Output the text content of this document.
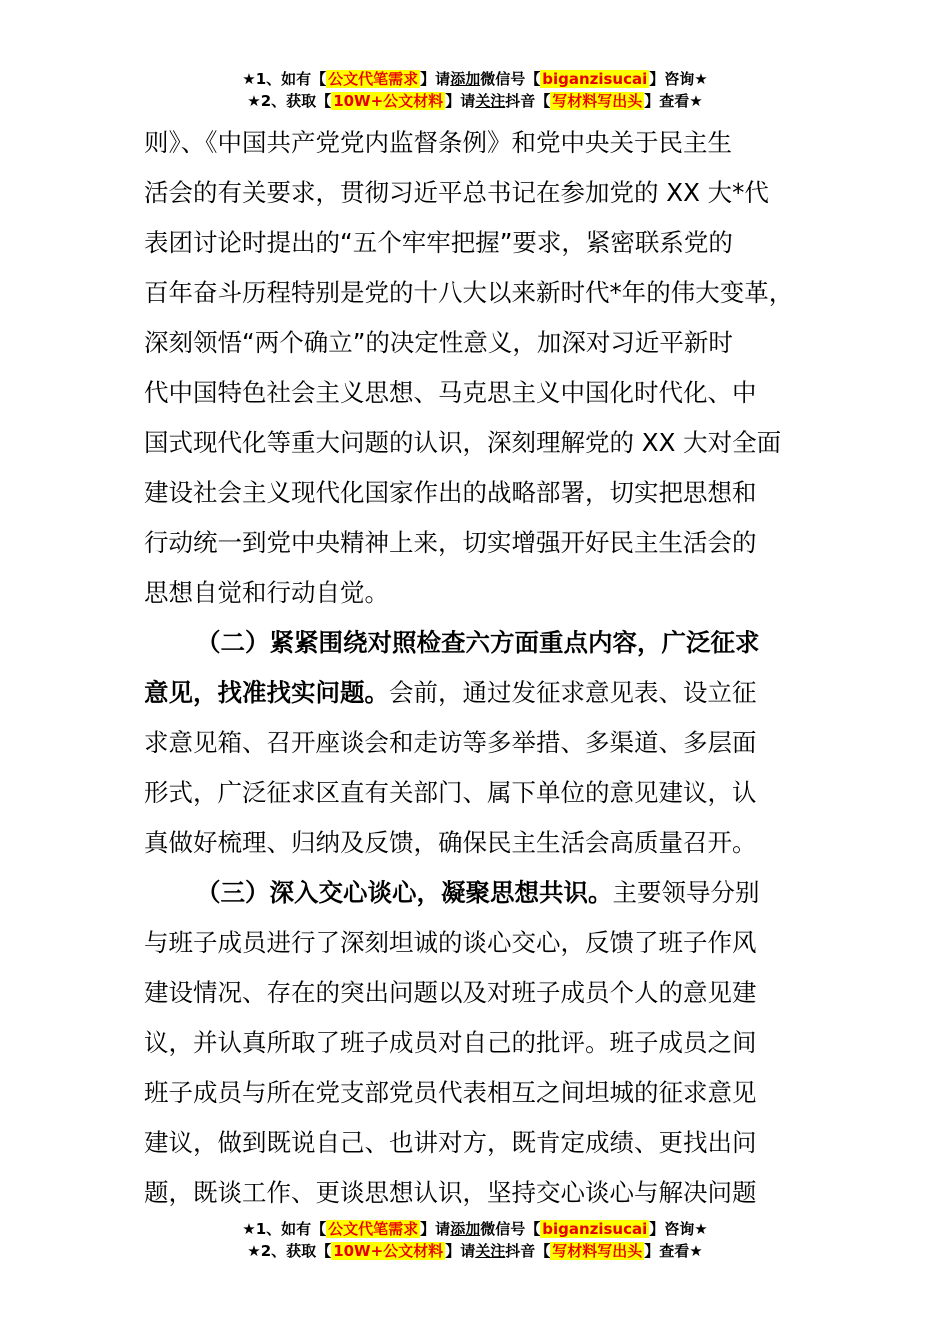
★1、如有【 公文代笔需求 】请添加微信号【 biganzisucai 】咨询★
★2、获取【 10W+公文材料 】请关注抖音【 写材料写出头 】查看★
则》、《中国共产党党内监督条例》和党中央关于民主生
活会的有关要求，贯彻习近平总书记在参加党的 XX 大*代
表团讨论时提出的“五个牢牢把握”要求，紧密联系党的
百年奋斗历程特别是党的十八大以来新时代*年的伟大变革，
深刻领悟“两个确立”的决定性意义，加深对习近平新时
代中国特色社会主义思想、马克思主义中国化时代化、中
国式现代化等重大问题的认识，深刻理解党的 XX 大对全面
建设社会主义现代化国家作出的战略部署，切实把思想和
行动统一到党中央精神上来，切实增强开好民主生活会的
思想自觉和行动自觉。
（二）紧紧围绕对照检查六方面重点内容，广泛征求
意见，找准找实问题。会前，通过发征求意见表、设立征
求意见箱、召开座谈会和走访等多举措、多渠道、多层面
形式，广泛征求区直有关部门、属下单位的意见建议，认
真做好梳理、归纳及反馈，确保民主生活会高质量召开。
（三）深入交心谈心，凝聚思想共识。主要领导分别
与班子成员进行了深刻坦诚的谈心交心，反馈了班子作风
建设情况、存在的突出问题以及对班子成员个人的意见建
议，并认真所取了班子成员对自己的批评。班子成员之间
班子成员与所在党支部党员代表相互之间坦城的征求意见
建议，做到既说自己、也讲对方，既肯定成绩、更找出问
题，既谈工作、更谈思想认识，坚持交心谈心与解决问题
★1、如有【 公文代笔需求 】请添加微信号【 biganzisucai 】咨询★
★2、获取【 10W+公文材料 】请关注抖音【 写材料写出头 】查看★
